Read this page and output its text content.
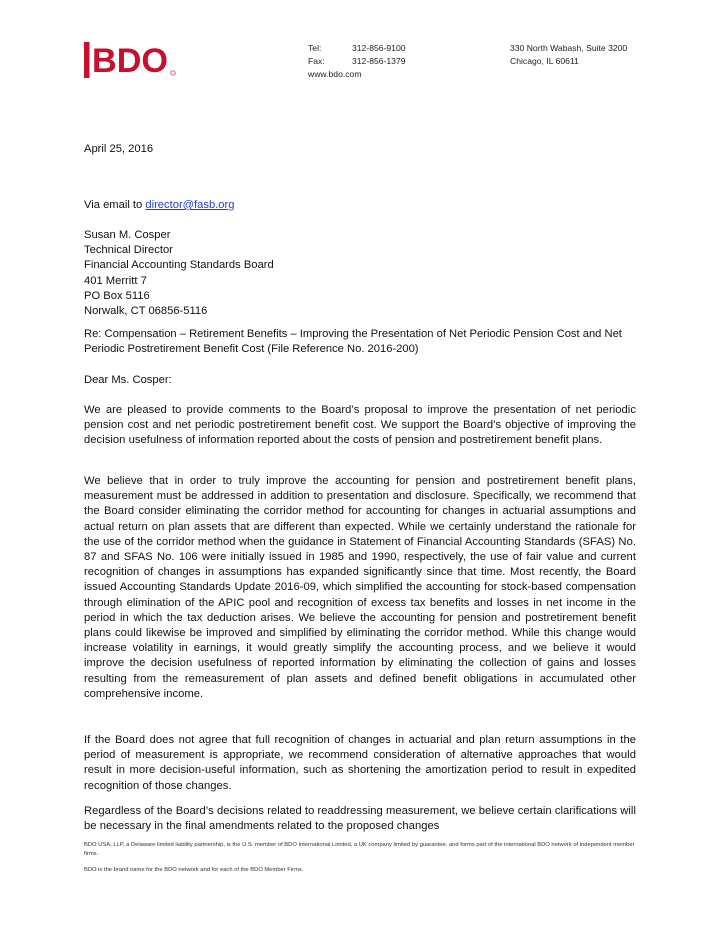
BDO	Tel:	312-856-9100
Fax:	312-856-1379
www.bdo.com
330 North Wabash, Suite 3200
Chicago, IL 60611
April 25, 2016
Via email to director@fasb.org
Susan M. Cosper
Technical Director
Financial Accounting Standards Board
401 Merritt 7
PO Box 5116
Norwalk, CT 06856-5116
Re: Compensation – Retirement Benefits – Improving the Presentation of Net Periodic Pension Cost and Net Periodic Postretirement Benefit Cost (File Reference No. 2016-200)
Dear Ms. Cosper:
We are pleased to provide comments to the Board’s proposal to improve the presentation of net periodic pension cost and net periodic postretirement benefit cost. We support the Board’s objective of improving the decision usefulness of information reported about the costs of pension and postretirement benefit plans.
We believe that in order to truly improve the accounting for pension and postretirement benefit plans, measurement must be addressed in addition to presentation and disclosure. Specifically, we recommend that the Board consider eliminating the corridor method for accounting for changes in actuarial assumptions and actual return on plan assets that are different than expected. While we certainly understand the rationale for the use of the corridor method when the guidance in Statement of Financial Accounting Standards (SFAS) No. 87 and SFAS No. 106 were initially issued in 1985 and 1990, respectively, the use of fair value and current recognition of changes in assumptions has expanded significantly since that time. Most recently, the Board issued Accounting Standards Update 2016-09, which simplified the accounting for stock-based compensation through elimination of the APIC pool and recognition of excess tax benefits and losses in net income in the period in which the tax deduction arises. We believe the accounting for pension and postretirement benefit plans could likewise be improved and simplified by eliminating the corridor method. While this change would increase volatility in earnings, it would greatly simplify the accounting process, and we believe it would improve the decision usefulness of reported information by eliminating the collection of gains and losses resulting from the remeasurement of plan assets and defined benefit obligations in accumulated other comprehensive income.
If the Board does not agree that full recognition of changes in actuarial and plan return assumptions in the period of measurement is appropriate, we recommend consideration of alternative approaches that would result in more decision-useful information, such as shortening the amortization period to result in expedited recognition of those changes.
Regardless of the Board’s decisions related to readdressing measurement, we believe certain clarifications will be necessary in the final amendments related to the proposed changes
BDO USA, LLP, a Delaware limited liability partnership, is the U.S. member of BDO International Limited, a UK company limited by guarantee, and forms part of the international BDO network of independent member firms.
BDO is the brand name for the BDO network and for each of the BDO Member Firms.
